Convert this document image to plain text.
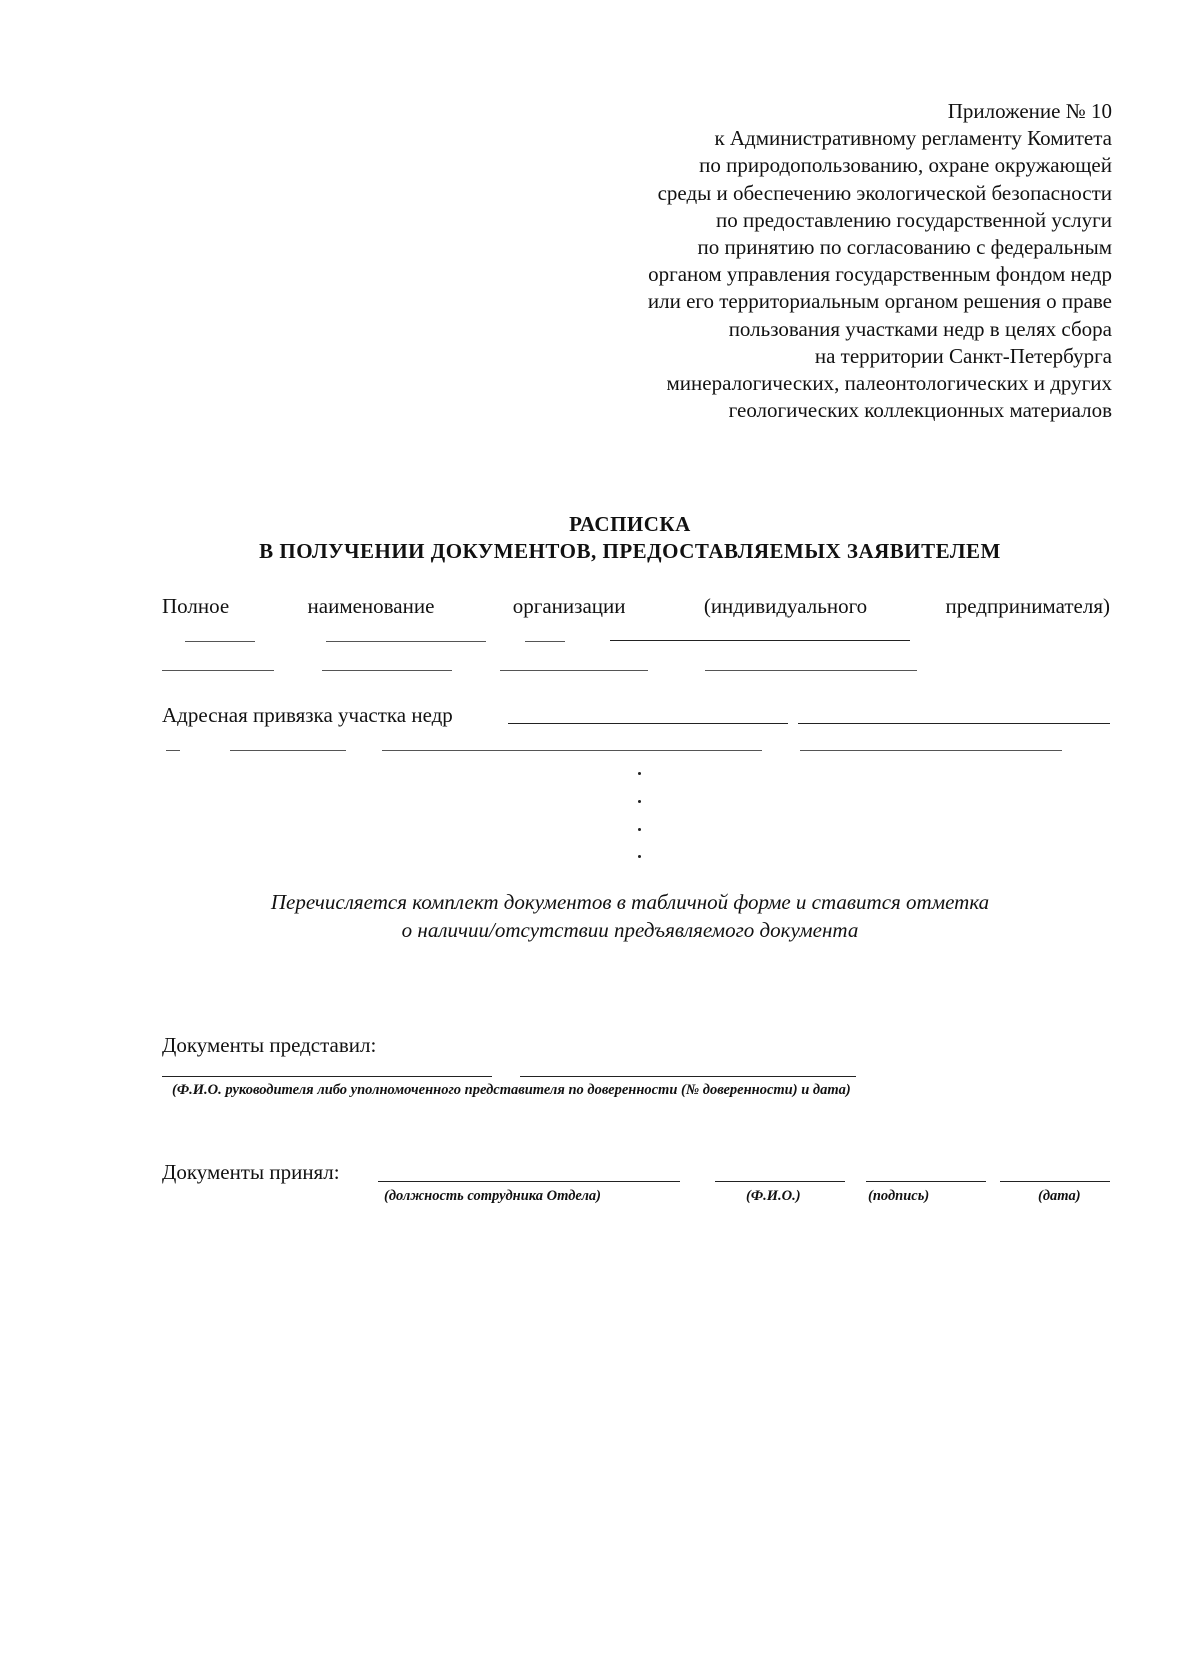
Приложение № 10
к Административному регламенту Комитета
по природопользованию, охране окружающей
среды и обеспечению экологической безопасности
по предоставлению государственной услуги
по принятию по согласованию с федеральным
органом управления государственным фондом недр
или его территориальным органом решения о праве
пользования участками недр в целях сбора
на территории Санкт-Петербурга
минералогических, палеонтологических и других
геологических коллекционных материалов
РАСПИСКА
В ПОЛУЧЕНИИ ДОКУМЕНТОВ, ПРЕДОСТАВЛЯЕМЫХ ЗАЯВИТЕЛЕМ
Полное	наименование	организации	(индивидуального	предпринимателя)
Адресная привязка участка недр
Перечисляется комплект документов в табличной форме и ставится отметка
о наличии/отсутствии предъявляемого документа
Документы представил:
(Ф.И.О. руководителя либо уполномоченного представителя по доверенности (№ доверенности) и дата)
Документы принял:
(должность сотрудника Отдела)	(Ф.И.О.)	(подпись)	(дата)
